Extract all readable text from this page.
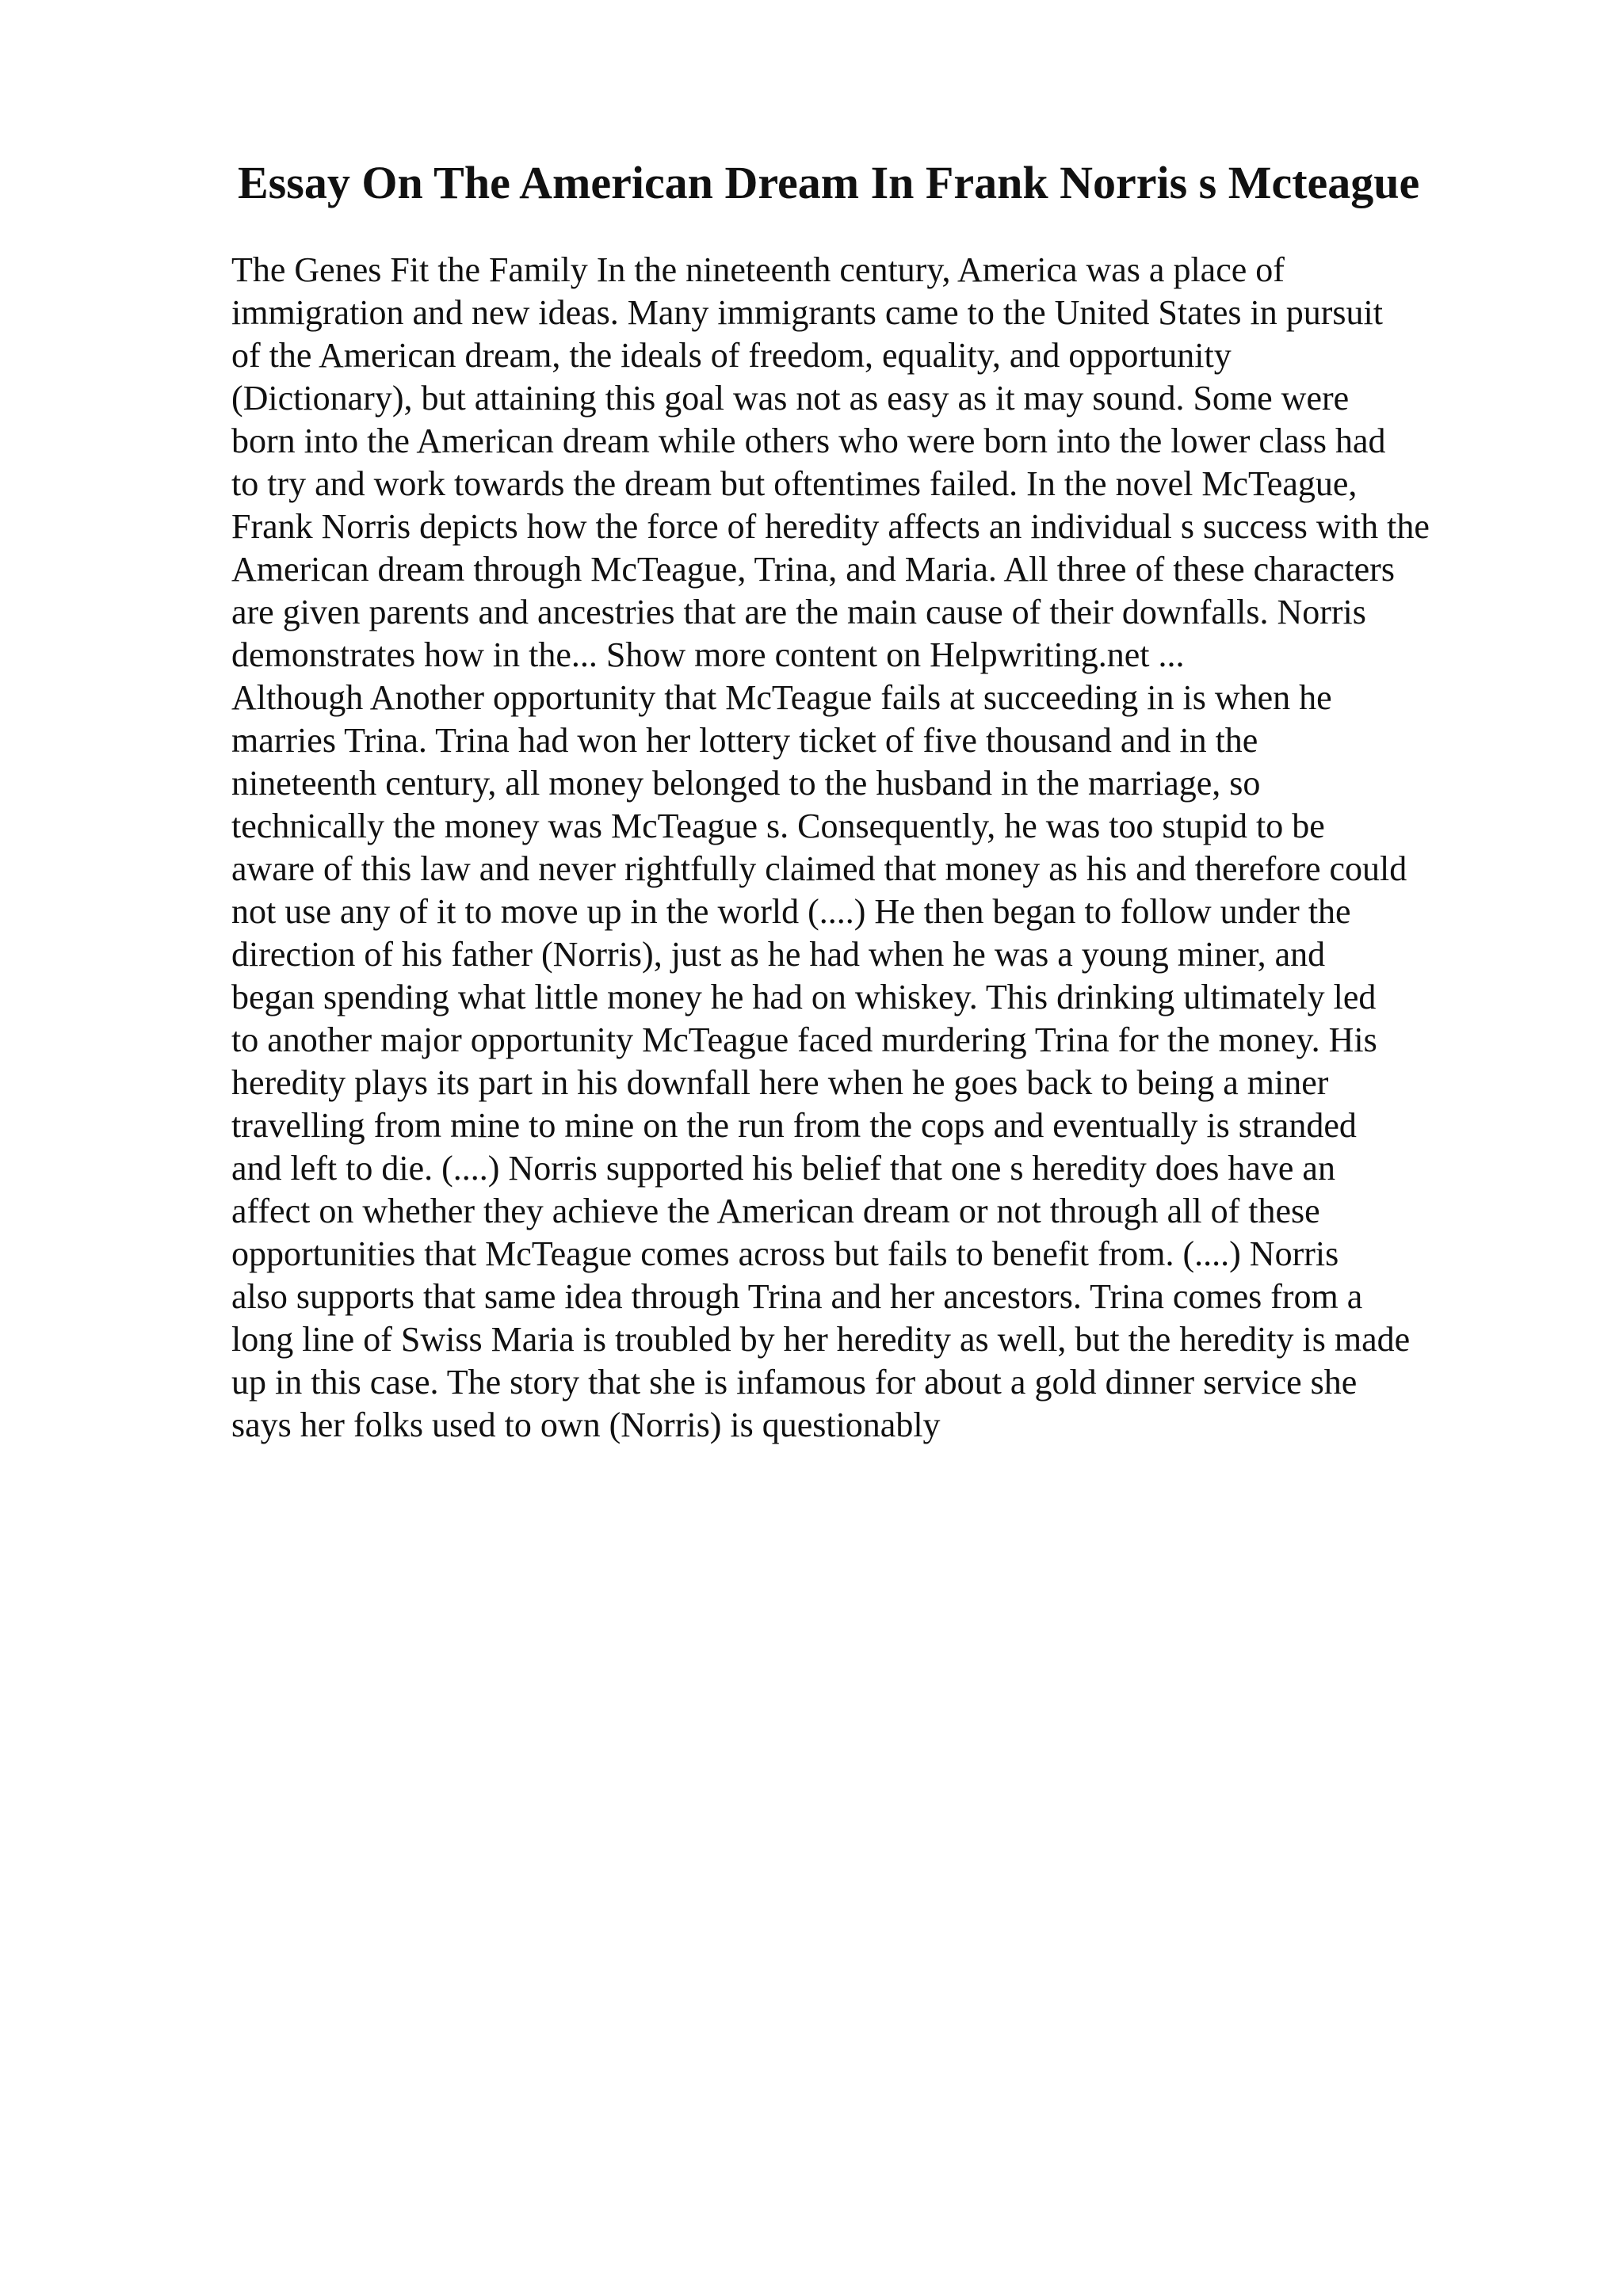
Essay On The American Dream In Frank Norris s Mcteague
The Genes Fit the Family In the nineteenth century, America was a place of
immigration and new ideas. Many immigrants came to the United States in pursuit
of the American dream, the ideals of freedom, equality, and opportunity
(Dictionary), but attaining this goal was not as easy as it may sound. Some were
born into the American dream while others who were born into the lower class had
to try and work towards the dream but oftentimes failed. In the novel McTeague,
Frank Norris depicts how the force of heredity affects an individual s success with the
American dream through McTeague, Trina, and Maria. All three of these characters
are given parents and ancestries that are the main cause of their downfalls. Norris
demonstrates how in the... Show more content on Helpwriting.net ...
Although Another opportunity that McTeague fails at succeeding in is when he
marries Trina. Trina had won her lottery ticket of five thousand and in the
nineteenth century, all money belonged to the husband in the marriage, so
technically the money was McTeague s. Consequently, he was too stupid to be
aware of this law and never rightfully claimed that money as his and therefore could
not use any of it to move up in the world (....) He then began to follow under the
direction of his father (Norris), just as he had when he was a young miner, and
began spending what little money he had on whiskey. This drinking ultimately led
to another major opportunity McTeague faced murdering Trina for the money. His
heredity plays its part in his downfall here when he goes back to being a miner
travelling from mine to mine on the run from the cops and eventually is stranded
and left to die. (....) Norris supported his belief that one s heredity does have an
affect on whether they achieve the American dream or not through all of these
opportunities that McTeague comes across but fails to benefit from. (....) Norris
also supports that same idea through Trina and her ancestors. Trina comes from a
long line of Swiss Maria is troubled by her heredity as well, but the heredity is made
up in this case. The story that she is infamous for about a gold dinner service she
says her folks used to own (Norris) is questionably
